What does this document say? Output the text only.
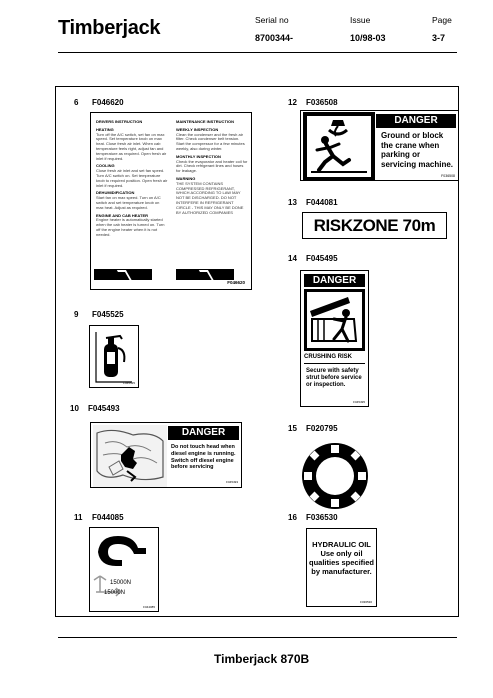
Timberjack	Serial no	Issue	Page
8700344-	10/98-03	3-7
6 F046620	12 F036508
13 F044081
14 F045495
9 F045525
10 F045493
15 F020795
11 F044085	16 F036530
DRIVERS INSTRUCTION
HEATING
Turn off the A/C switch, set fan on max speed. Set temperature knob on max heat. Close fresh air inlet. When cab temperature feels right, adjust fan and temperature as required. Open fresh air inlet if required.
COOLING
Close fresh air inlet and set fan speed. Turn A/C switch on. Set temperature knob to required position. Open fresh air inlet if required.
DEHUMIDIFICATION
Start fan on max speed. Turn on A/C switch and set temperature knob on max heat. Adjust as required.
ENGINE AND CAB HEATER
Engine heater is automatically started when the cab heater is turned on. Turn off the engine heater when it is not needed.
MAINTENANCE INSTRUCTION
WEEKLY INSPECTION
Clean the condenser and the fresh air filter. Check condenser belt tension. Start the compressor for a few minutes weekly, also during winter.
MONTHLY INSPECTION
Check the evaporator and heater coil for dirt. Check refrigerant lines and hoses for leakage.
WARNING
THE SYSTEM CONTAINS COMPRESSED REFRIGERANT, WHICH ACCORDING TO LAW MAY NOT BE DISCHARGED. DO NOT INTERFERE IN REFRIGERANT CIRCLE - THIS MAY ONLY BE DONE BY AUTHORIZED COMPANIES
F046620
DANGER
Ground or block the crane when parking or servicing machine.
F036508
RISKZONE 70m
DANGER
CRUSHING RISK
Secure with safety strut before service or inspection.
F045495
F045525
DANGER
Do not touch head when diesel engine is running. Switch off diesel engine before servicing
F045493
15000N
15000N
F044085
HYDRAULIC OIL Use only oil qualities specified by manufacturer.
F036530
Timberjack 870B
